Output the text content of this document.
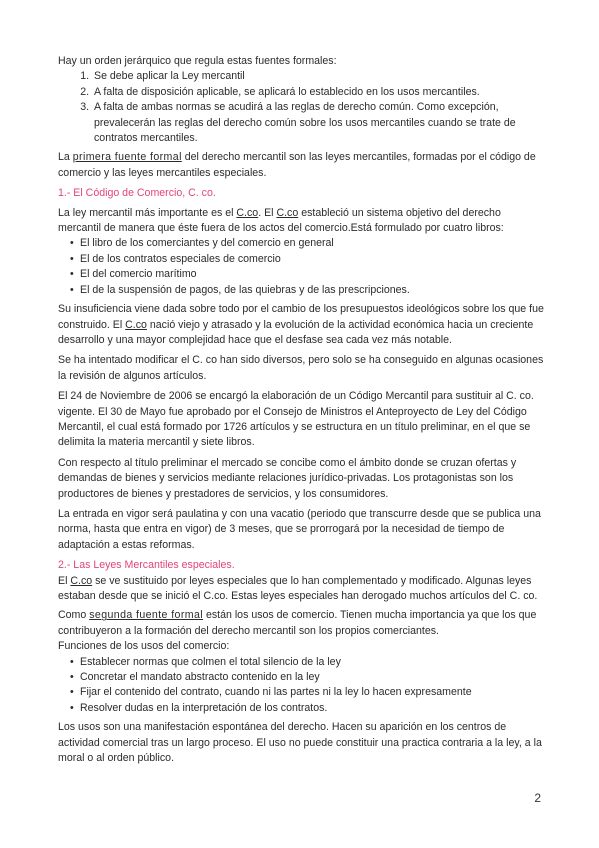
Hay un orden jerárquico que regula estas fuentes formales:

1. Se debe aplicar la Ley mercantil
2. A falta de disposición aplicable, se aplicará lo establecido en los usos mercantiles.
3. A falta de ambas normas se acudirá a las reglas de derecho común. Como excepción, prevalecerán las reglas del derecho común sobre los usos mercantiles cuando se trate de contratos mercantiles.

La primera fuente formal del derecho mercantil son las leyes mercantiles, formadas por el código de comercio y las leyes mercantiles especiales.

1.- El Código de Comercio, C. co.

La ley mercantil más importante es el C.co. El C.co estableció un sistema objetivo del derecho mercantil de manera que éste fuera de los actos del comercio.Está formulado por cuatro libros:

• El libro de los comerciantes y del comercio en general
• El de los contratos especiales de comercio
• El del comercio marítimo
• El de la suspensión de pagos, de las quiebras y de las prescripciones.

Su insuficiencia viene dada sobre todo por el cambio de los presupuestos ideológicos sobre los que fue construido. El C.co nació viejo y atrasado y la evolución de la actividad económica hacia un creciente desarrollo y una mayor complejidad hace que el desfase sea cada vez más notable.

Se ha intentado modificar el C. co han sido diversos, pero solo se ha conseguido en algunas ocasiones la revisión de algunos artículos.

El 24 de Noviembre de 2006 se encargó la elaboración de un Código Mercantil para sustituir al C. co. vigente. El 30 de Mayo fue aprobado por el Consejo de Ministros el Anteproyecto de Ley del Código Mercantil, el cual está formado por 1726 artículos y se estructura en un título preliminar, en el que se delimita la materia mercantil y siete libros.

Con respecto al título preliminar el mercado se concibe como el ámbito donde se cruzan ofertas y demandas de bienes y servicios mediante relaciones jurídico-privadas. Los protagonistas son los productores de bienes y prestadores de servicios, y los consumidores.

La entrada en vigor será paulatina y con una vacatio (periodo que transcurre desde que se publica una norma, hasta que entra en vigor) de 3 meses, que se prorrogará por la necesidad de tiempo de adaptación a estas reformas.

2.- Las Leyes Mercantiles especiales.

El C.co se ve sustituido por leyes especiales que lo han complementado y modificado. Algunas leyes estaban desde que se inició el C.co. Estas leyes especiales han derogado muchos artículos del C. co.

Como segunda fuente formal están los usos de comercio. Tienen mucha importancia ya que los que contribuyeron a la formación del derecho mercantil son los propios comerciantes.

Funciones de los usos del comercio:

• Establecer normas que colmen el total silencio de la ley
• Concretar el mandato abstracto contenido en la ley
• Fijar el contenido del contrato, cuando ni las partes ni la ley lo hacen expresamente
• Resolver dudas en la interpretación de los contratos.

Los usos son una manifestación espontánea del derecho. Hacen su aparición en los centros de actividad comercial tras un largo proceso. El uso no puede constituir una practica contraria a la ley, a la moral o al orden público.

2
